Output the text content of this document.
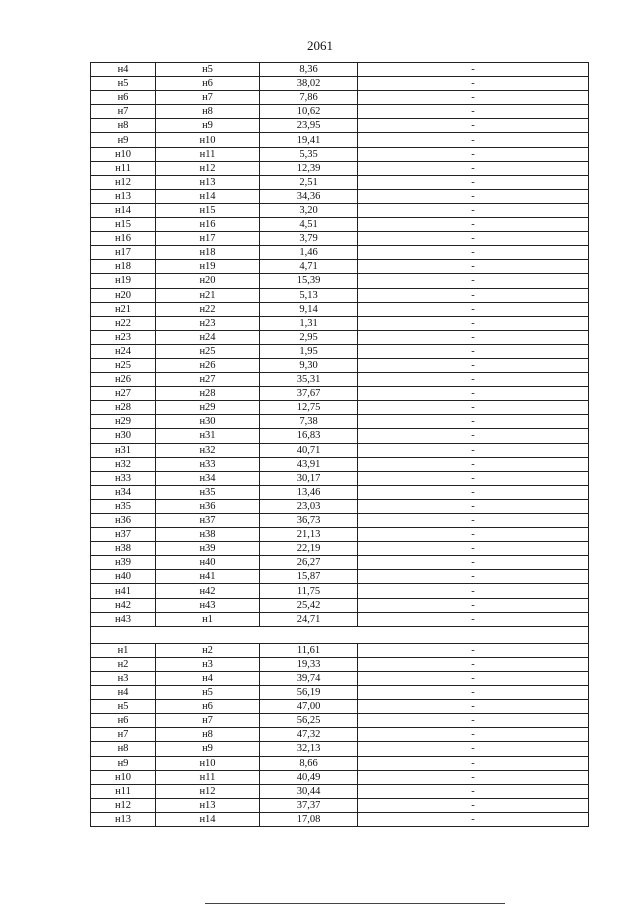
2061
н4	н5	8,36	-
н5	н6	38,02	-
н6	н7	7,86	-
н7	н8	10,62	-
н8	н9	23,95	-
н9	н10	19,41	-
н10	н11	5,35	-
н11	н12	12,39	-
н12	н13	2,51	-
н13	н14	34,36	-
н14	н15	3,20	-
н15	н16	4,51	-
н16	н17	3,79	-
н17	н18	1,46	-
н18	н19	4,71	-
н19	н20	15,39	-
н20	н21	5,13	-
н21	н22	9,14	-
н22	н23	1,31	-
н23	н24	2,95	-
н24	н25	1,95	-
н25	н26	9,30	-
н26	н27	35,31	-
н27	н28	37,67	-
н28	н29	12,75	-
н29	н30	7,38	-
н30	н31	16,83	-
н31	н32	40,71	-
н32	н33	43,91	-
н33	н34	30,17	-
н34	н35	13,46	-
н35	н36	23,03	-
н36	н37	36,73	-
н37	н38	21,13	-
н38	н39	22,19	-
н39	н40	26,27	-
н40	н41	15,87	-
н41	н42	11,75	-
н42	н43	25,42	-
н43	н1	24,71	-

н1	н2	11,61	-
н2	н3	19,33	-
н3	н4	39,74	-
н4	н5	56,19	-
н5	н6	47,00	-
н6	н7	56,25	-
н7	н8	47,32	-
н8	н9	32,13	-
н9	н10	8,66	-
н10	н11	40,49	-
н11	н12	30,44	-
н12	н13	37,37	-
н13	н14	17,08	-
